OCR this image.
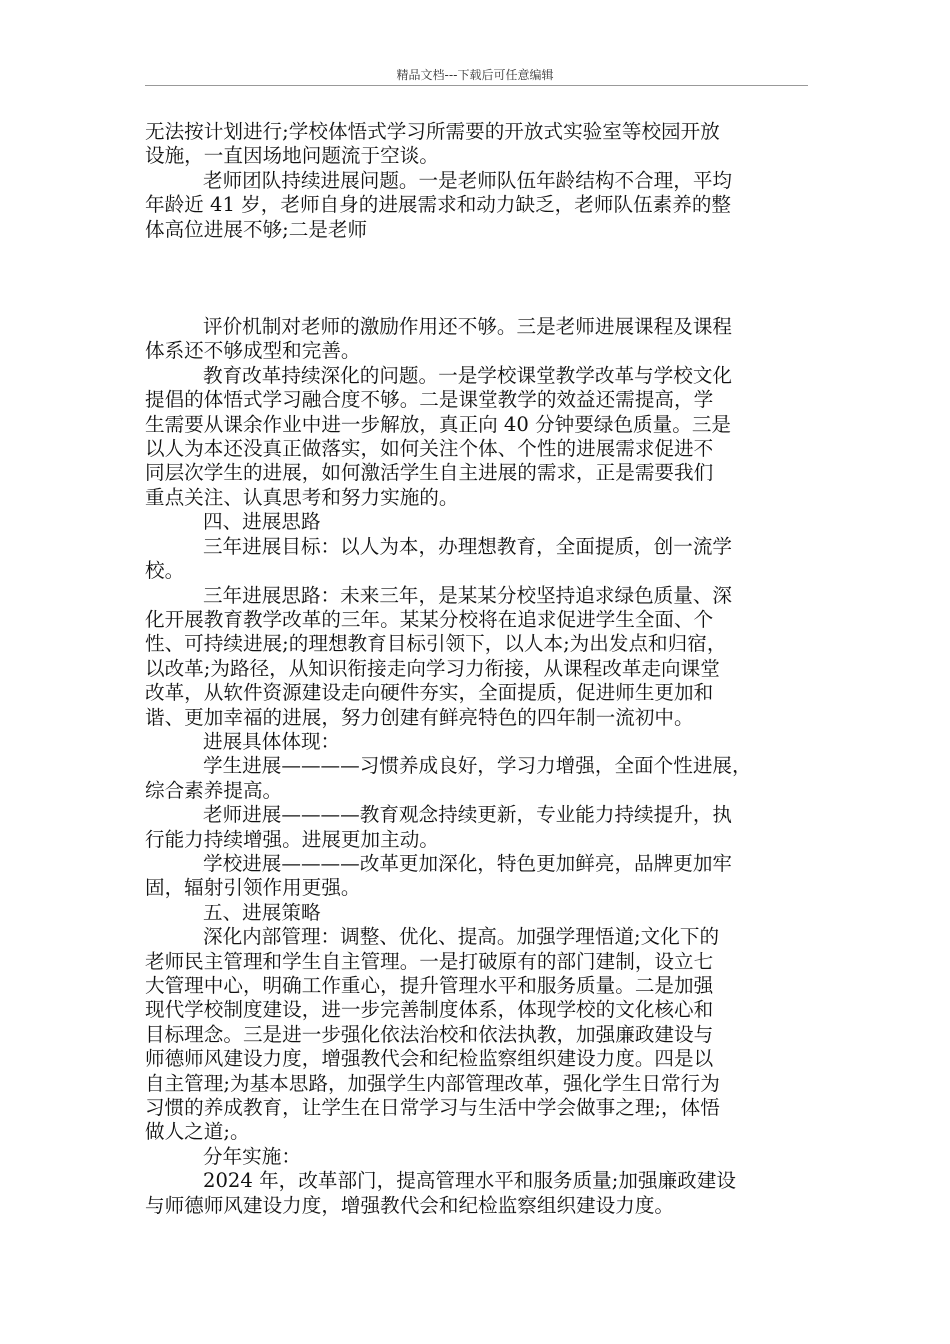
精品文档---下载后可任意编辑

无法按计划进行;学校体悟式学习所需要的开放式实验室等校园开放

设施，一直因场地问题流于空谈。

老师团队持续进展问题。一是老师队伍年龄结构不合理，平均

年龄近 41 岁，老师自身的进展需求和动力缺乏，老师队伍素养的整

体高位进展不够;二是老师

评价机制对老师的激励作用还不够。三是老师进展课程及课程

体系还不够成型和完善。

教育改革持续深化的问题。一是学校课堂教学改革与学校文化

提倡的体悟式学习融合度不够。二是课堂教学的效益还需提高，学

生需要从课余作业中进一步解放，真正向 40 分钟要绿色质量。三是

以人为本还没真正做落实，如何关注个体、个性的进展需求促进不

同层次学生的进展，如何激活学生自主进展的需求，正是需要我们

重点关注、认真思考和努力实施的。

四、进展思路

三年进展目标：以人为本，办理想教育，全面提质，创一流学

校。

三年进展思路：未来三年，是某某分校坚持追求绿色质量、深

化开展教育教学改革的三年。某某分校将在追求促进学生全面、个

性、可持续进展;的理想教育目标引领下，以人本;为出发点和归宿，

以改革;为路径，从知识衔接走向学习力衔接，从课程改革走向课堂

改革，从软件资源建设走向硬件夯实，全面提质，促进师生更加和

谐、更加幸福的进展，努力创建有鲜亮特色的四年制一流初中。

进展具体体现：

学生进展————习惯养成良好，学习力增强，全面个性进展，

综合素养提高。

老师进展————教育观念持续更新，专业能力持续提升，执

行能力持续增强。进展更加主动。

学校进展————改革更加深化，特色更加鲜亮，品牌更加牢

固，辐射引领作用更强。

五、进展策略

深化内部管理：调整、优化、提高。加强学理悟道;文化下的

老师民主管理和学生自主管理。一是打破原有的部门建制，设立七

大管理中心，明确工作重心，提升管理水平和服务质量。二是加强

现代学校制度建设，进一步完善制度体系，体现学校的文化核心和

目标理念。三是进一步强化依法治校和依法执教，加强廉政建设与

师德师风建设力度，增强教代会和纪检监察组织建设力度。四是以

自主管理;为基本思路，加强学生内部管理改革，强化学生日常行为

习惯的养成教育，让学生在日常学习与生活中学会做事之理;，体悟

做人之道;。

分年实施：

2024 年，改革部门，提高管理水平和服务质量;加强廉政建设

与师德师风建设力度，增强教代会和纪检监察组织建设力度。
